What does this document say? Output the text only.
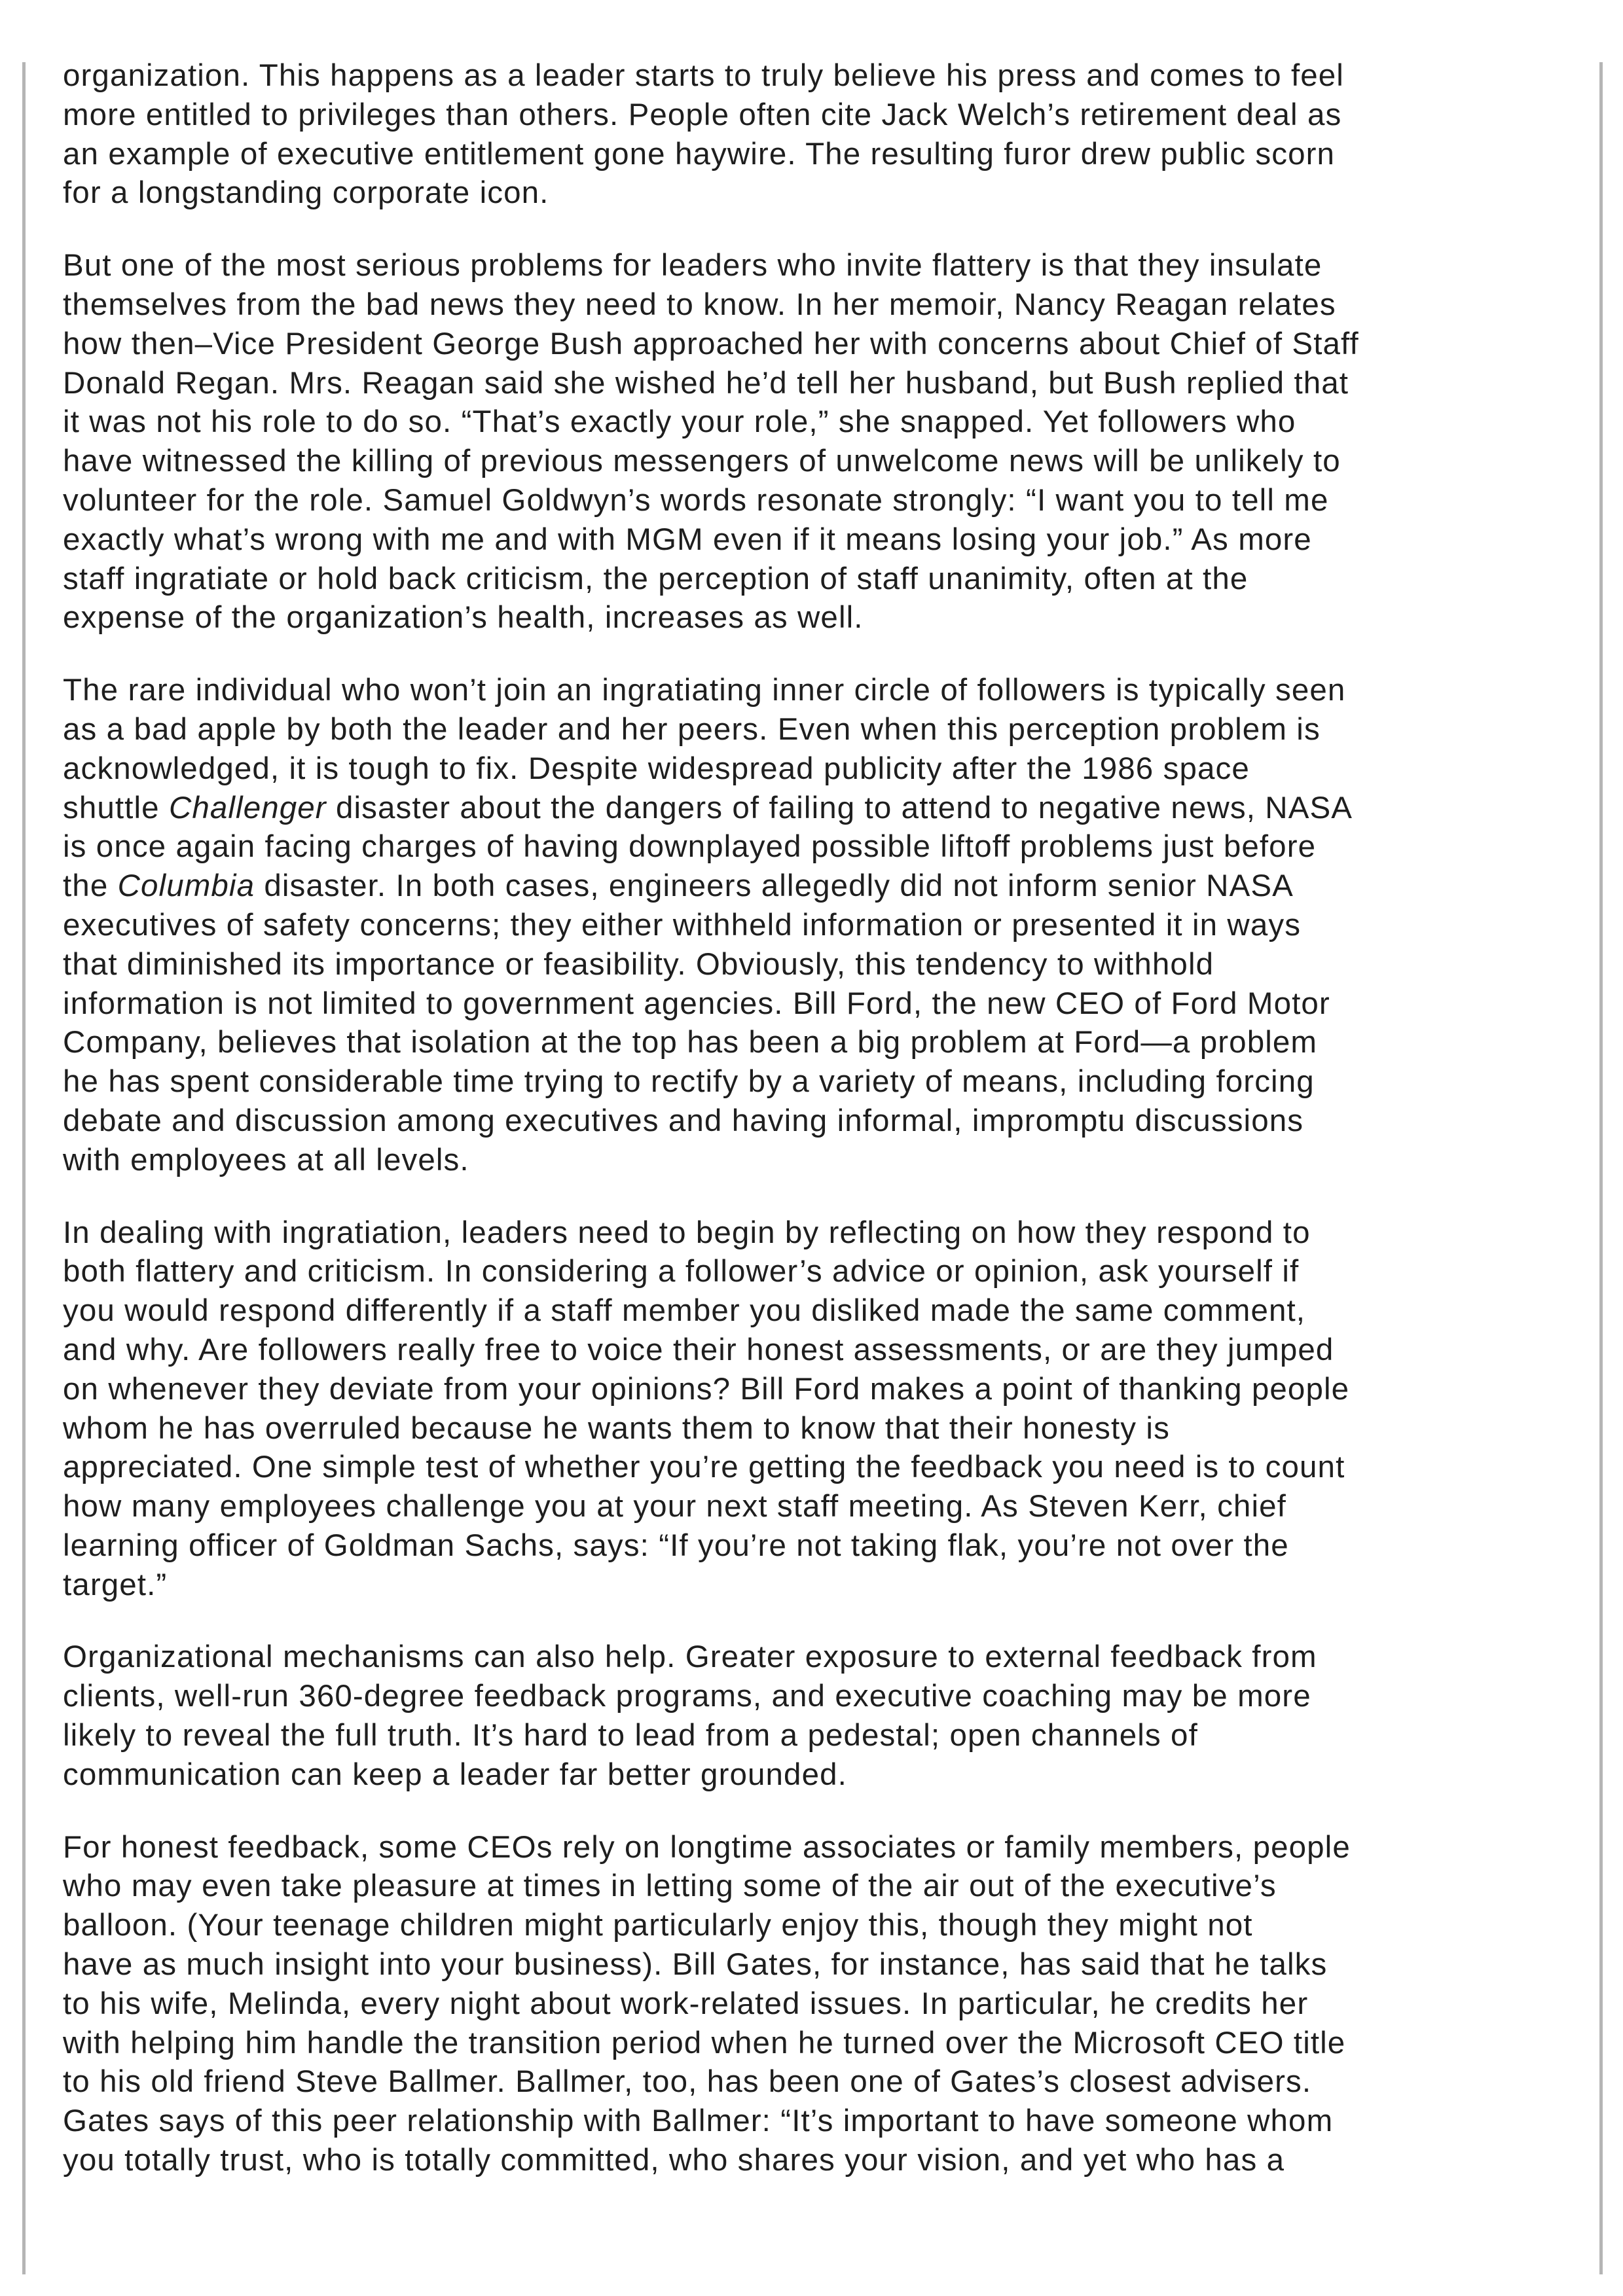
organization. This happens as a leader starts to truly believe his press and comes to feel
more entitled to privileges than others. People often cite Jack Welch’s retirement deal as
an example of executive entitlement gone haywire. The resulting furor drew public scorn
for a longstanding corporate icon.

But one of the most serious problems for leaders who invite flattery is that they insulate
themselves from the bad news they need to know. In her memoir, Nancy Reagan relates
how then–Vice President George Bush approached her with concerns about Chief of Staff
Donald Regan. Mrs. Reagan said she wished he’d tell her husband, but Bush replied that
it was not his role to do so. “That’s exactly your role,” she snapped. Yet followers who
have witnessed the killing of previous messengers of unwelcome news will be unlikely to
volunteer for the role. Samuel Goldwyn’s words resonate strongly: “I want you to tell me
exactly what’s wrong with me and with MGM even if it means losing your job.” As more
staff ingratiate or hold back criticism, the perception of staff unanimity, often at the
expense of the organization’s health, increases as well.

The rare individual who won’t join an ingratiating inner circle of followers is typically seen
as a bad apple by both the leader and her peers. Even when this perception problem is
acknowledged, it is tough to fix. Despite widespread publicity after the 1986 space
shuttle Challenger disaster about the dangers of failing to attend to negative news, NASA
is once again facing charges of having downplayed possible liftoff problems just before
the Columbia disaster. In both cases, engineers allegedly did not inform senior NASA
executives of safety concerns; they either withheld information or presented it in ways
that diminished its importance or feasibility. Obviously, this tendency to withhold
information is not limited to government agencies. Bill Ford, the new CEO of Ford Motor
Company, believes that isolation at the top has been a big problem at Ford—a problem
he has spent considerable time trying to rectify by a variety of means, including forcing
debate and discussion among executives and having informal, impromptu discussions
with employees at all levels.

In dealing with ingratiation, leaders need to begin by reflecting on how they respond to
both flattery and criticism. In considering a follower’s advice or opinion, ask yourself if
you would respond differently if a staff member you disliked made the same comment,
and why. Are followers really free to voice their honest assessments, or are they jumped
on whenever they deviate from your opinions? Bill Ford makes a point of thanking people
whom he has overruled because he wants them to know that their honesty is
appreciated. One simple test of whether you’re getting the feedback you need is to count
how many employees challenge you at your next staff meeting. As Steven Kerr, chief
learning officer of Goldman Sachs, says: “If you’re not taking flak, you’re not over the
target.”

Organizational mechanisms can also help. Greater exposure to external feedback from
clients, well-run 360-degree feedback programs, and executive coaching may be more
likely to reveal the full truth. It’s hard to lead from a pedestal; open channels of
communication can keep a leader far better grounded.

For honest feedback, some CEOs rely on longtime associates or family members, people
who may even take pleasure at times in letting some of the air out of the executive’s
balloon. (Your teenage children might particularly enjoy this, though they might not
have as much insight into your business). Bill Gates, for instance, has said that he talks
to his wife, Melinda, every night about work-related issues. In particular, he credits her
with helping him handle the transition period when he turned over the Microsoft CEO title
to his old friend Steve Ballmer. Ballmer, too, has been one of Gates’s closest advisers.
Gates says of this peer relationship with Ballmer: “It’s important to have someone whom
you totally trust, who is totally committed, who shares your vision, and yet who has a
